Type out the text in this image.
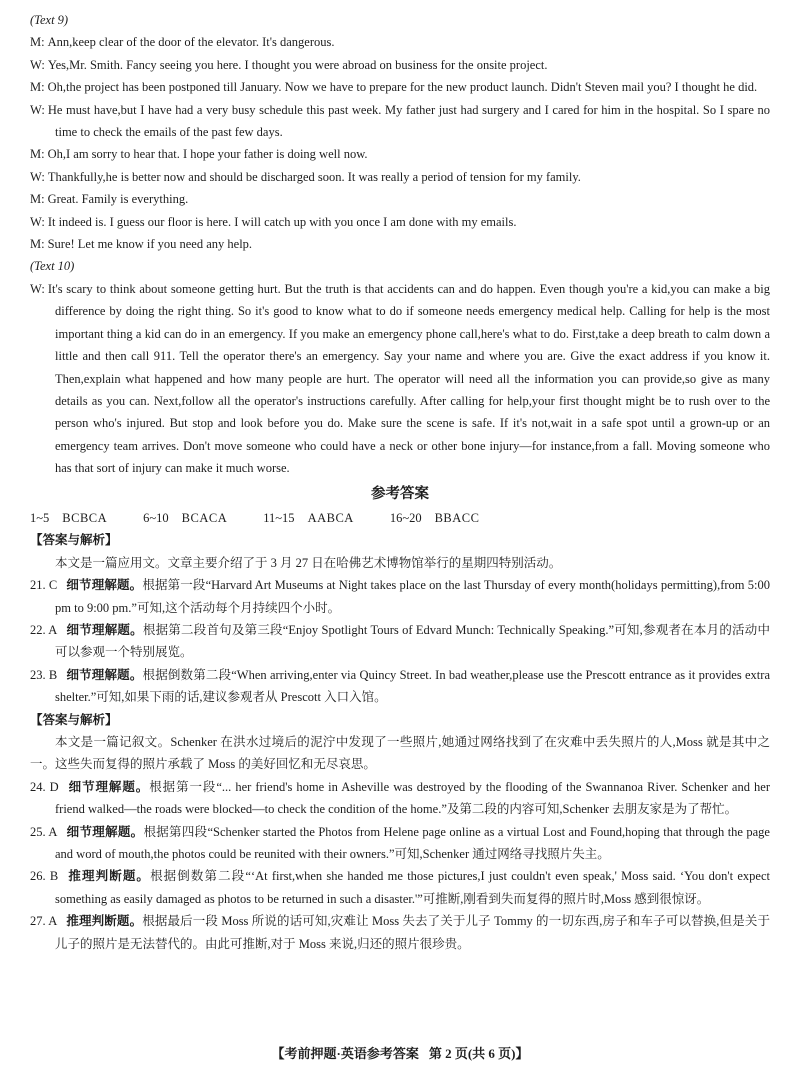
(Text 9)

M: Ann,keep clear of the door of the elevator. It's dangerous.

W: Yes,Mr. Smith. Fancy seeing you here. I thought you were abroad on business for the onsite project.

M: Oh,the project has been postponed till January. Now we have to prepare for the new product launch. Didn't Steven mail you? I thought he did.

W: He must have,but I have had a very busy schedule this past week. My father just had surgery and I cared for him in the hospital. So I spare no time to check the emails of the past few days.

M: Oh,I am sorry to hear that. I hope your father is doing well now.

W: Thankfully,he is better now and should be discharged soon. It was really a period of tension for my family.

M: Great. Family is everything.

W: It indeed is. I guess our floor is here. I will catch up with you once I am done with my emails.

M: Sure! Let me know if you need any help.

(Text 10)

W: It's scary to think about someone getting hurt. But the truth is that accidents can and do happen. Even though you're a kid,you can make a big difference by doing the right thing. So it's good to know what to do if someone needs emergency medical help. Calling for help is the most important thing a kid can do in an emergency. If you make an emergency phone call,here's what to do. First,take a deep breath to calm down a little and then call 911. Tell the operator there's an emergency. Say your name and where you are. Give the exact address if you know it. Then,explain what happened and how many people are hurt. The operator will need all the information you can provide,so give as many details as you can. Next,follow all the operator's instructions carefully. After calling for help,your first thought might be to rush over to the person who's injured. But stop and look before you do. Make sure the scene is safe. If it's not,wait in a safe spot until a grown-up or an emergency team arrives. Don't move someone who could have a neck or other bone injury—for instance,from a fall. Moving someone who has that sort of injury can make it much worse.

参考答案

1~5 BCBCA	6~10 BCACA	11~15 AABCA	16~20 BBACC

【答案与解析】

本文是一篇应用文。文章主要介绍了于 3 月 27 日在哈佛艺术博物馆举行的星期四特别活动。

21. C 细节理解题。根据第一段“Harvard Art Museums at Night takes place on the last Thursday of every month(holidays permitting),from 5:00 pm to 9:00 pm.”可知,这个活动每个月持续四个小时。

22. A 细节理解题。根据第二段首句及第三段“Enjoy Spotlight Tours of Edvard Munch: Technically Speaking.”可知,参观者在本月的活动中可以参观一个特别展览。

23. B 细节理解题。根据倒数第二段“When arriving,enter via Quincy Street. In bad weather,please use the Prescott entrance as it provides extra shelter.”可知,如果下雨的话,建议参观者从 Prescott 入口入馆。

【答案与解析】

本文是一篇记叙文。Schenker 在洪水过境后的泥泞中发现了一些照片,她通过网络找到了在灾难中丢失照片的人,Moss 就是其中之一。这些失而复得的照片承载了 Moss 的美好回忆和无尽哀思。

24. D 细节理解题。根据第一段“... her friend's home in Asheville was destroyed by the flooding of the Swannanoa River. Schenker and her friend walked—the roads were blocked—to check the condition of the home.”及第二段的内容可知,Schenker 去朋友家是为了帮忙。

25. A 细节理解题。根据第四段“Schenker started the Photos from Helene page online as a virtual Lost and Found,hoping that through the page and word of mouth,the photos could be reunited with their owners.”可知,Schenker 通过网络寻找照片失主。

26. B 推理判断题。根据倒数第二段“‘At first,when she handed me those pictures,I just couldn't even speak,' Moss said. ‘You don't expect something as easily damaged as photos to be returned in such a disaster.'”可推断,刚看到失而复得的照片时,Moss 感到很惊讶。

27. A 推理判断题。根据最后一段 Moss 所说的话可知,灾难让 Moss 失去了关于儿子 Tommy 的一切东西,房子和车子可以替换,但是关于儿子的照片是无法替代的。由此可推断,对于 Moss 来说,归还的照片很珍贵。

【考前押题·英语参考答案 第 2 页(共 6 页)】
